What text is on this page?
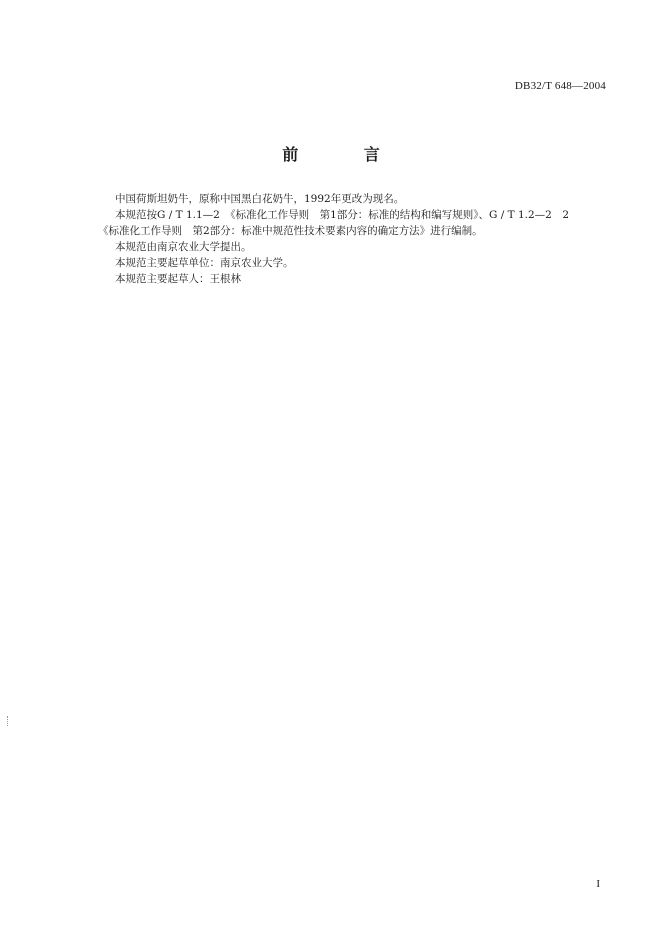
DB32/T 648—2004
前 言

中国荷斯坦奶牛，原称中国黑白花奶牛，1992年更改为现名。

本规范按G / T 1.1—2　《标准化工作导则　第1部分：标准的结构和编写规则》、G / T 1.2—2　2

《标准化工作导则　第2部分：标准中规范性技术要素内容的确定方法》进行编制。

本规范由南京农业大学提出。

本规范主要起草单位：南京农业大学。

本规范主要起草人：王根林

I
